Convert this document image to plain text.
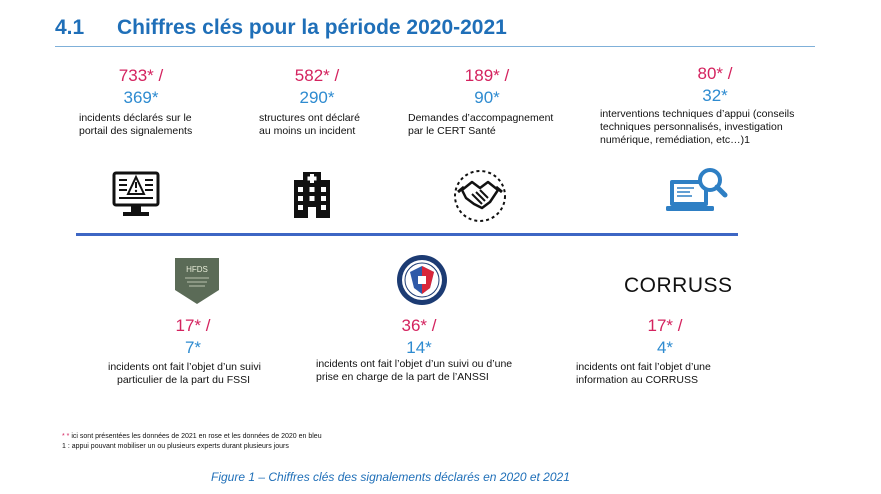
4.1 Chiffres clés pour la période 2020-2021
733* /
369*
incidents déclarés sur le
portail des signalements
582* /
290*
structures ont déclaré
au moins un incident
189* /
90*
Demandes d’accompagnement
par le CERT Santé
80* /
32*
interventions techniques d’appui (conseils
techniques personnalisés, investigation
numérique, remédiation, etc…)1
HFDS
CORRUSS
17* /
7*
incidents ont fait l’objet d’un suivi
particulier de la part du FSSI
36* /
14*
incidents ont fait l’objet d’un suivi ou d’une
prise en charge de la part de l’ANSSI
17* /
4*
incidents ont fait l’objet d’une
information au CORRUSS
* * ici sont présentées les données de 2021 en rose et les données de 2020 en bleu
1 : appui pouvant mobiliser un ou plusieurs experts durant plusieurs jours
Figure 1 – Chiffres clés des signalements déclarés en 2020 et 2021
